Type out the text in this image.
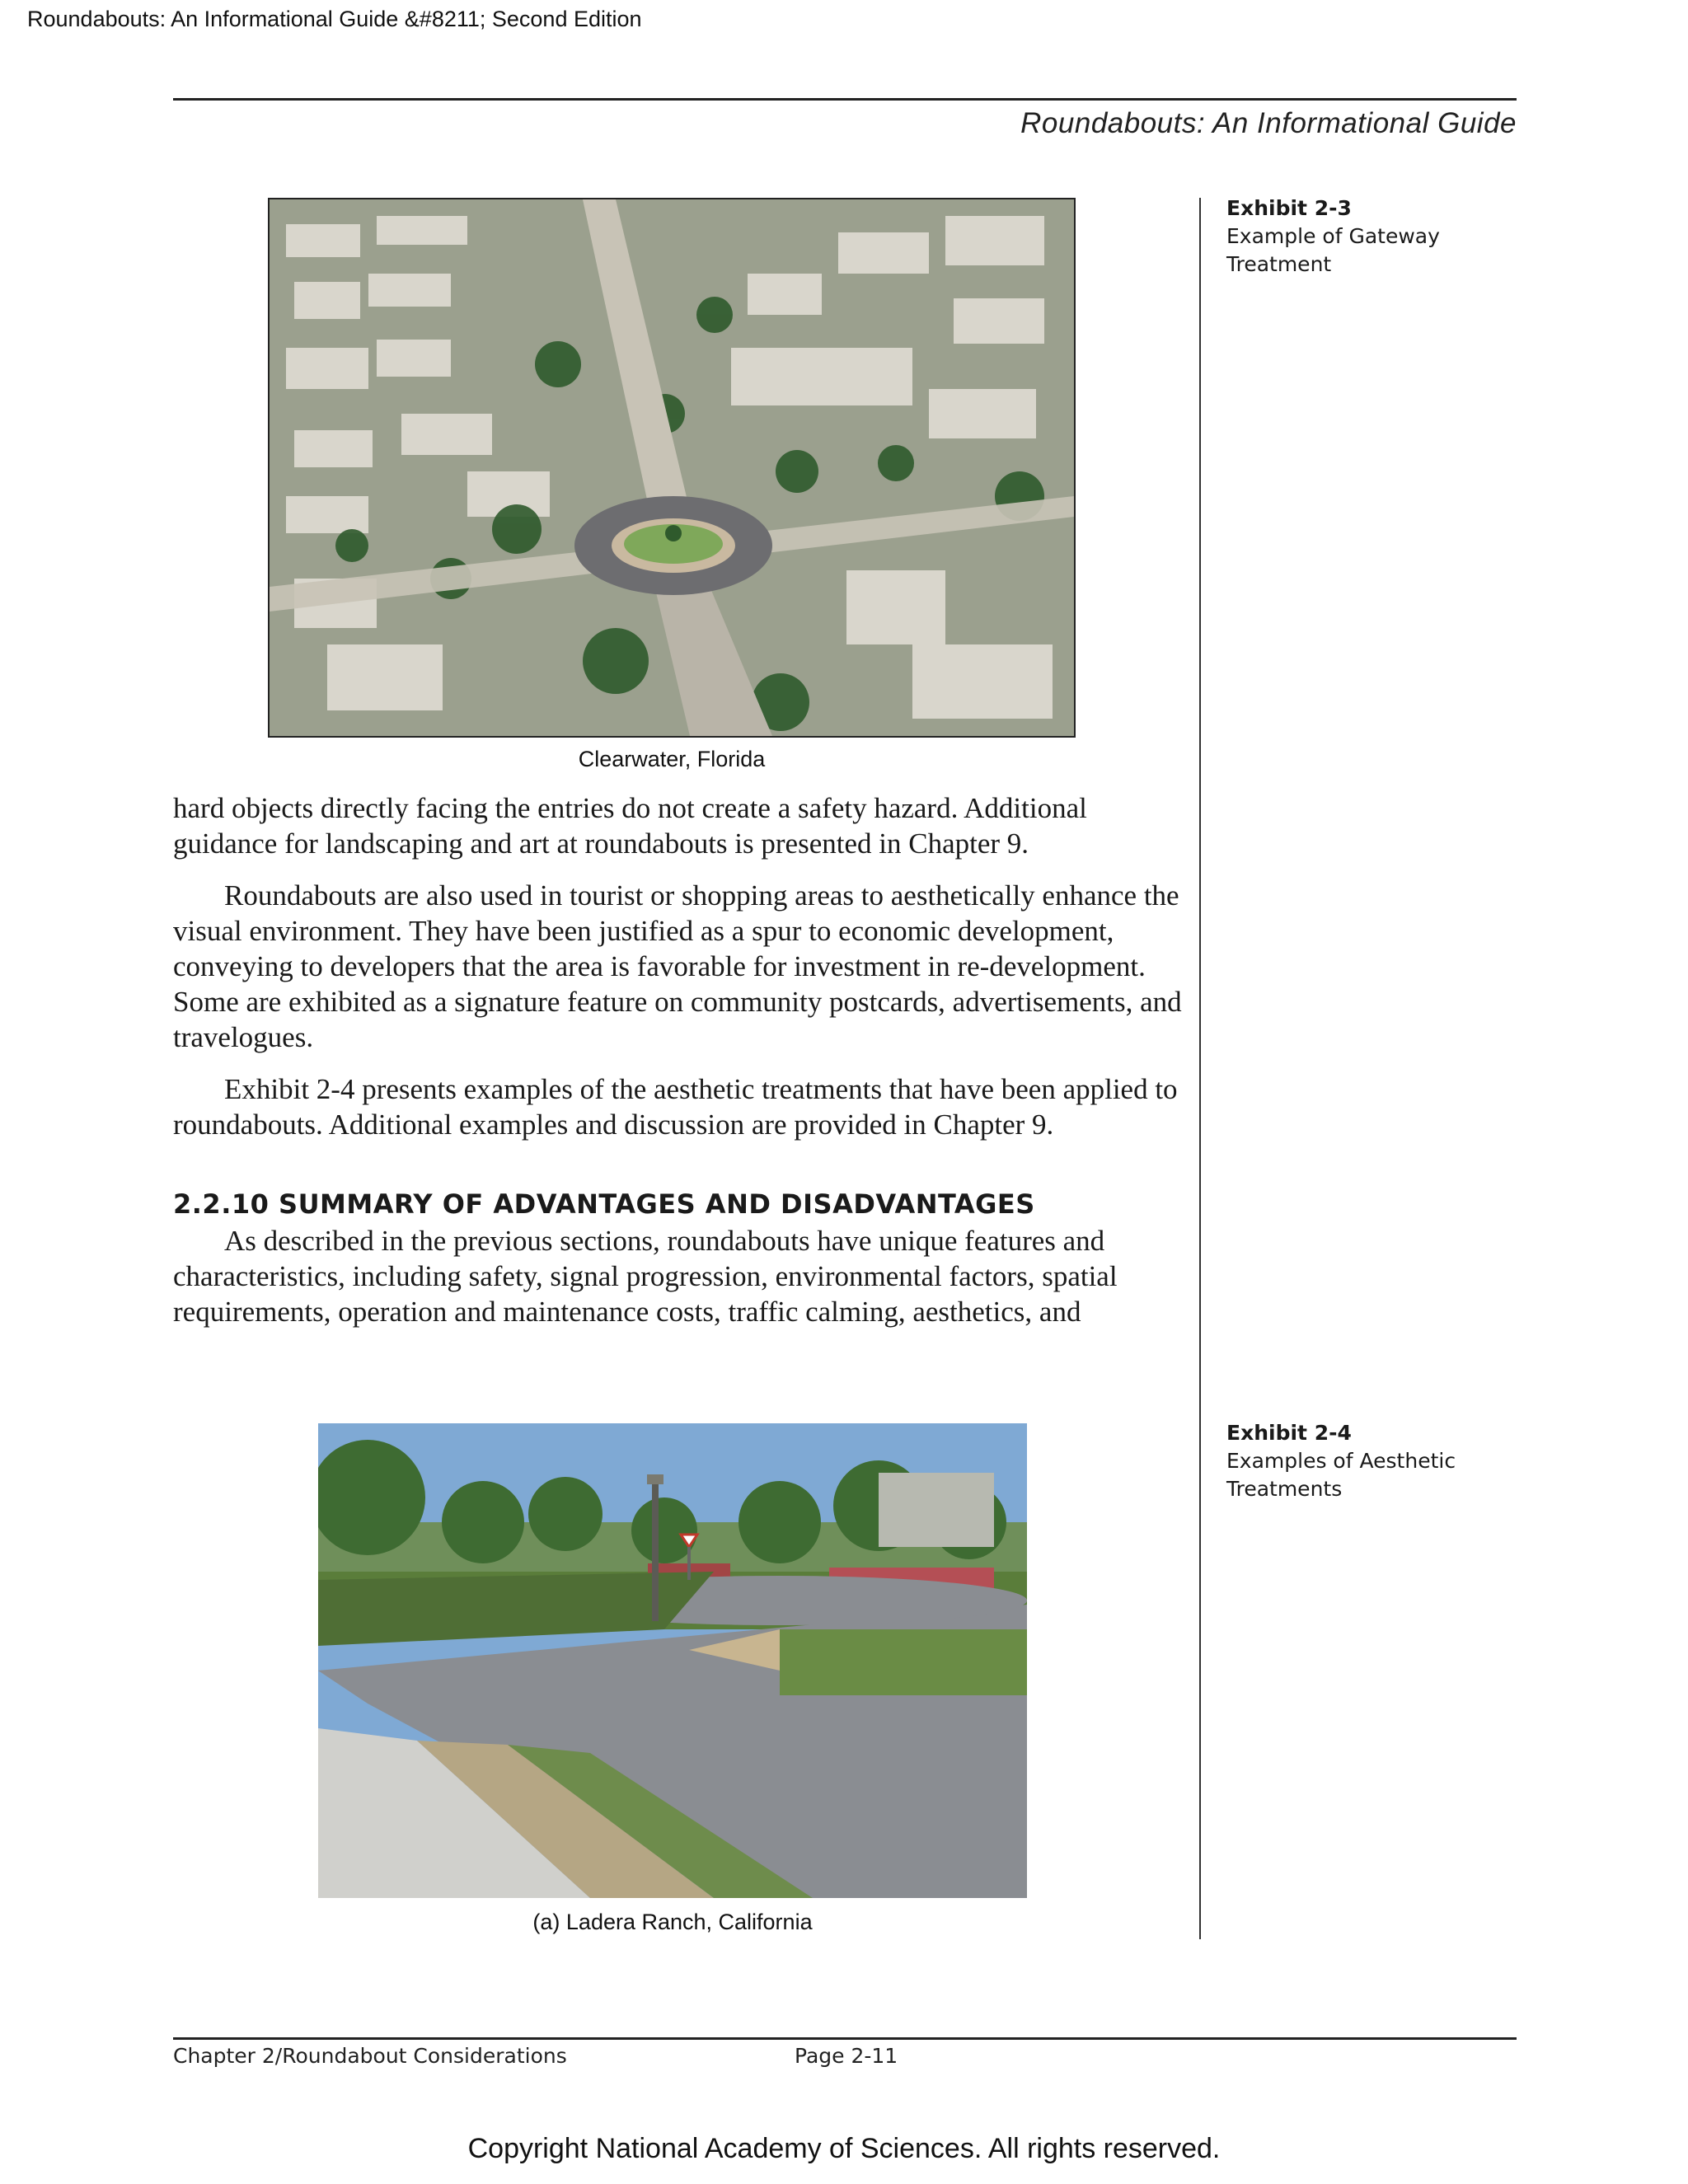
Roundabouts: An Informational Guide &#8211; Second Edition
Roundabouts: An Informational Guide
Exhibit 2-3
Example of Gateway Treatment
Clearwater, Florida

hard objects directly facing the entries do not create a safety hazard. Additional guidance for landscaping and art at roundabouts is presented in Chapter 9.

Roundabouts are also used in tourist or shopping areas to aesthetically enhance the visual environment. They have been justified as a spur to economic development, conveying to developers that the area is favorable for investment in re-development. Some are exhibited as a signature feature on community postcards, advertisements, and travelogues.

Exhibit 2-4 presents examples of the aesthetic treatments that have been applied to roundabouts. Additional examples and discussion are provided in Chapter 9.

2.2.10 SUMMARY OF ADVANTAGES AND DISADVANTAGES

As described in the previous sections, roundabouts have unique features and characteristics, including safety, signal progression, environmental factors, spatial requirements, operation and maintenance costs, traffic calming, aesthetics, and

Exhibit 2-4
Examples of Aesthetic Treatments
(a) Ladera Ranch, California
Chapter 2/Roundabout Considerations	Page 2-11
Copyright National Academy of Sciences. All rights reserved.
